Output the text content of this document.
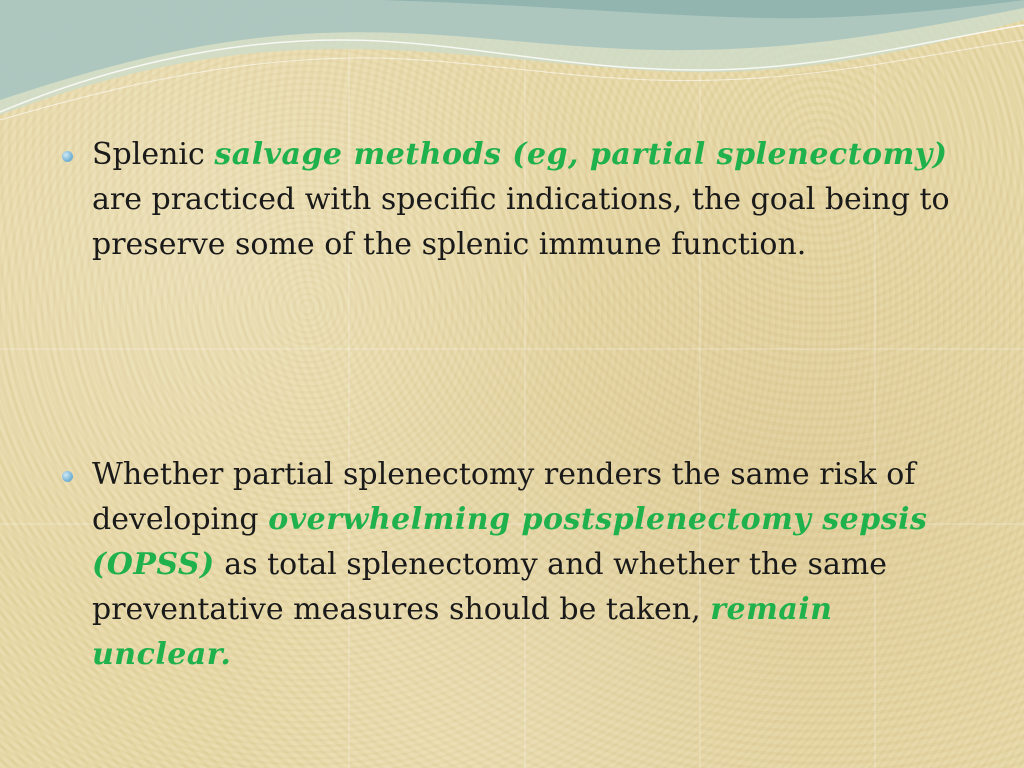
Splenic salvage methods (eg, partial splenectomy) are practiced with specific indications, the goal being to preserve some of the splenic immune function.
Whether partial splenectomy renders the same risk of developing overwhelming postsplenectomy sepsis (OPSS) as total splenectomy and whether the same preventative measures should be taken, remain unclear.
